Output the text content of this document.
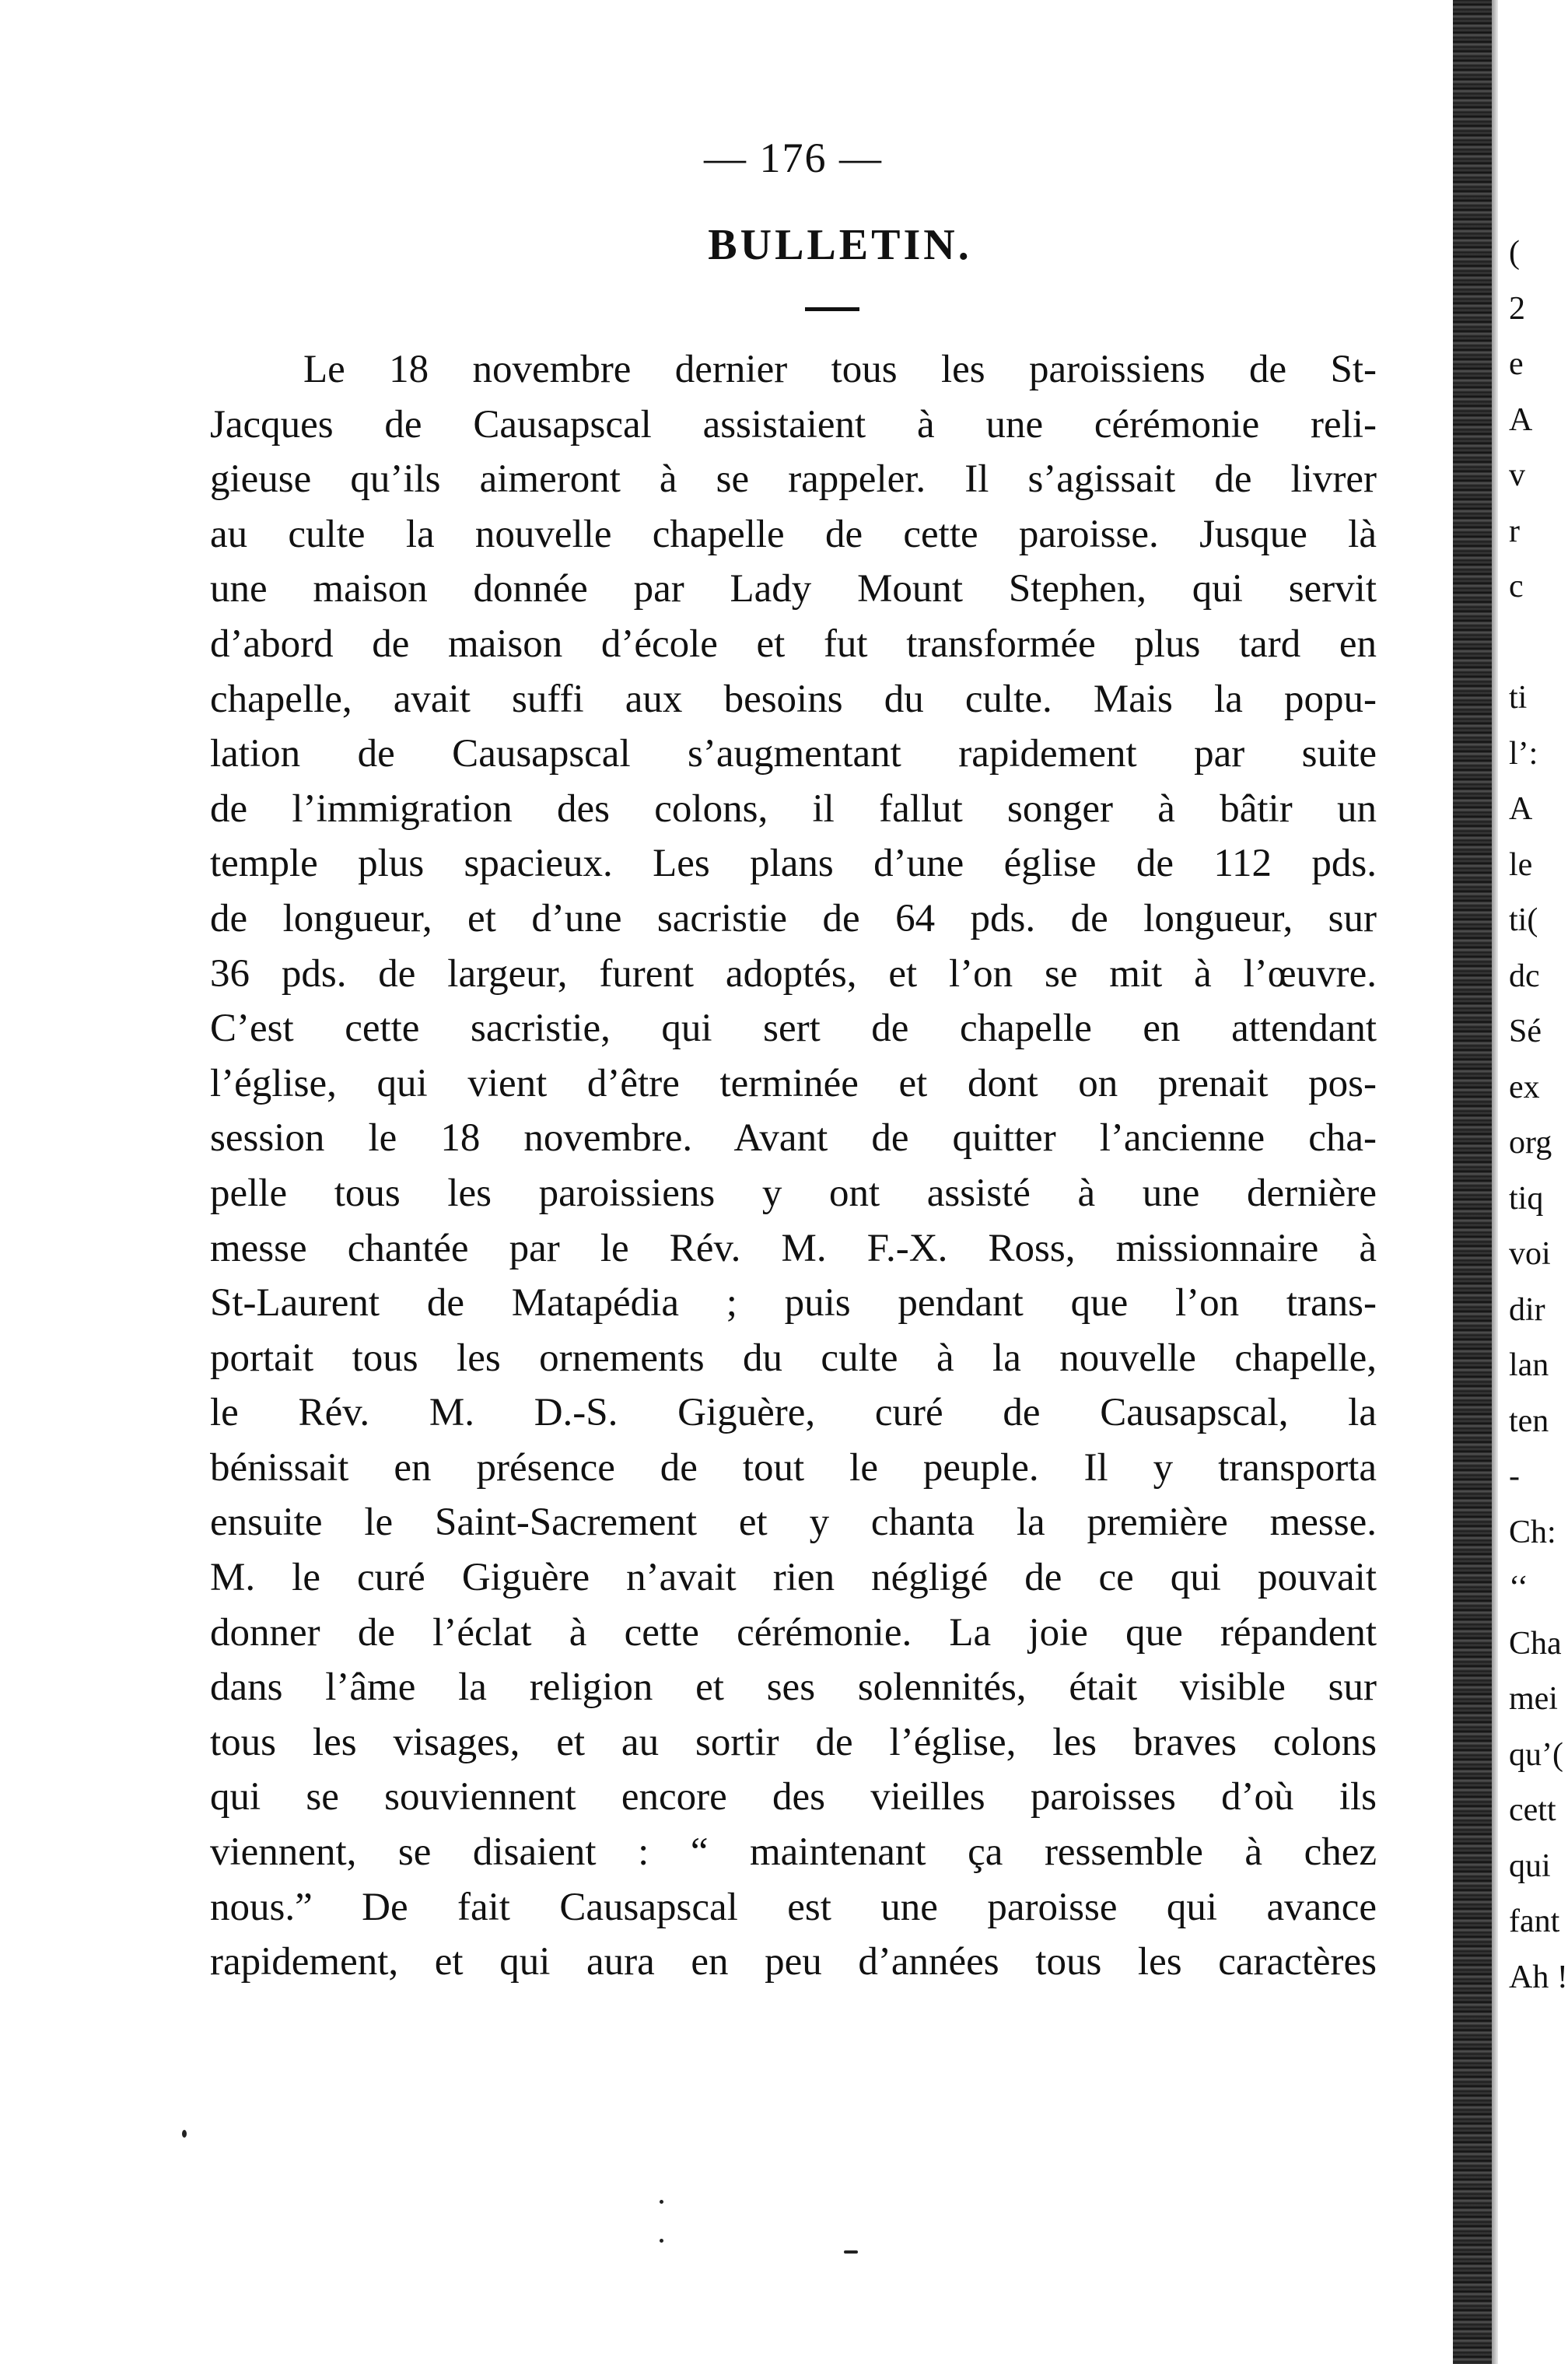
— 176 —

BULLETIN.
Le 18 novembre dernier tous les paroissiens de St-
Jacques de Causapscal assistaient à une cérémonie reli-
gieuse qu’ils aimeront à se rappeler. Il s’agissait de livrer
au culte la nouvelle chapelle de cette paroisse. Jusque là
une maison donnée par Lady Mount Stephen, qui servit
d’abord de maison d’école et fut transformée plus tard en
chapelle, avait suffi aux besoins du culte. Mais la popu-
lation de Causapscal s’augmentant rapidement par suite
de l’immigration des colons, il fallut songer à bâtir un
temple plus spacieux. Les plans d’une église de 112 pds.
de longueur, et d’une sacristie de 64 pds. de longueur, sur
36 pds. de largeur, furent adoptés, et l’on se mit à l’œuvre.
C’est cette sacristie, qui sert de chapelle en attendant
l’église, qui vient d’être terminée et dont on prenait pos-
session le 18 novembre. Avant de quitter l’ancienne cha-
pelle tous les paroissiens y ont assisté à une dernière
messe chantée par le Rév. M. F.-X. Ross, missionnaire à
St-Laurent de Matapédia ; puis pendant que l’on trans-
portait tous les ornements du culte à la nouvelle chapelle,
le Rév. M. D.-S. Giguère, curé de Causapscal, la
bénissait en présence de tout le peuple. Il y transporta
ensuite le Saint-Sacrement et y chanta la première messe.
M. le curé Giguère n’avait rien négligé de ce qui pouvait
donner de l’éclat à cette cérémonie. La joie que répandent
dans l’âme la religion et ses solennités, était visible sur
tous les visages, et au sortir de l’église, les braves colons
qui se souviennent encore des vieilles paroisses d’où ils
viennent, se disaient : “ maintenant ça ressemble à chez
nous.” De fait Causapscal est une paroisse qui avance
rapidement, et qui aura en peu d’années tous les caractères
(
2
e
A
v
r
c
ti
l’:
A
le
ti(
dc
Sé
ex
org
tiq
voi
dir
lan
ten
-
Ch:
‘‘
Cha
mei
qu’(
cett
qui
fant
Ah !
